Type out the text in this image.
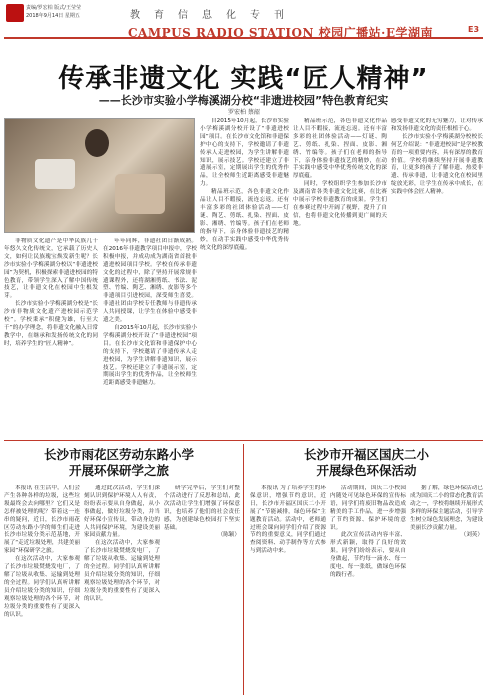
责编/罗宏柏 版式/王莹莹
2018年9月14日 星期五	教育信息化专刊
CAMPUS RADIO STATION 校园广播站·E学湖南	E3
传承非遗文化 实践“匠人精神”
——长沙市实验小学梅溪湖分校“非遗进校园”特色教育纪实
罗宏柏 蔡韶

非物质文化遗产是中华民族几千年悠久文化传统文，它承载了历史人文，如何让民族瑰宝焕发新生呢？长沙市实验小学梅溪湖分校以“非遗进校园”为契机，积极探索非遗进校园的特色教育，带领学生深入了解中国传统技艺，让非遗文化在校园中生根发芽。

长沙市实验小学梅溪湖分校是“长沙市非物质文化遗产进校园示范学校”。学校秉承“积健为雄，行至大千”的办学理念，将非遗文化融入日常教学中，在继承和发扬传统文化的同时，培养学生的“匠人精神”。

年年同辉，非遗社团日渐成熟。在2016年非遗教学项目申报中，学校积极申报，并成功成为湖南省首批非遗进校园项目学校。学校在传承非遗文化的过程中，除了坚持开展常规非遗课程外，还将湖湘剪纸、书法、泥塑、竹编、陶艺、湘绣、皮影等多个非遗项目引进校园，深受师生喜爱。非遗社团由学校专任教师与非遗传承人共同授课，让学生在体验中感受非遗之美。

自2015年10月起，长沙市实验小学梅溪湖分校开设了“非遗进校园”项目。在长沙市文化馆和非遗保护中心的支持下，学校邀请了非遗传承人走进校园，为学生讲解非遗知识，展示技艺。学校还建立了非遗展示室，定期展出学生的优秀作品，让全校师生近距离感受非遗魅力。

自2015年10月起，长沙市实验小学梅溪湖分校开设了“非遗进校园”项目。在长沙市文化馆和非遗保护中心的支持下，学校邀请了非遗传承人走进校园，为学生讲解非遗知识，展示技艺。学校还建立了非遗展示室，定期展出学生的优秀作品，让全校师生近距离感受非遗魅力。

精品班示范，各色非遗文化作品让人目不暇接，流连忘返。还有丰富多彩的社团体验活动——灯谜、陶艺、剪纸、扎染、捏面、皮影、湘绣、竹编等。孩子们在老师的指导下，亲身体验非遗技艺的精妙，在动手实践中感受中华优秀传统文化的深厚底蕴。

精品班示范，各色非遗文化作品让人目不暇接，流连忘返。还有丰富多彩的社团体验活动——灯谜、陶艺、剪纸、扎染、捏面、皮影、湘绣、竹编等。孩子们在老师的指导下，亲身体验非遗技艺的精妙，在动手实践中感受中华优秀传统文化的深厚底蕴。

同时，学校组织学生参加长沙市及湖南省各类非遗文化比赛，在比赛中展示学校非遗教育的成果。学生们在参赛过程中开阔了视野，提升了自信，也将非遗文化传播到更广阔的天地。

感受非遗文化的无穷魅力，让对传承和发扬非遗文化的责任根植于心。

长沙市实验小学梅溪湖分校校长何艺介绍说：“非遗进校园”是学校教育的一项重要内容，具有深厚的教育价值。学校将继续坚持开展非遗教育，让更多的孩子了解非遗、热爱非遗、传承非遗，让非遗文化在校园里绽放光彩，让学生在传承中成长，在实践中体会匠人精神。

长沙市雨花区劳动东路小学
开展环保研学之旅

本报讯 在生活中，人们会产生各种各样的垃圾，这些垃圾最终会去向哪里？它们又是怎样被处理的呢？带着这一连串的疑问，近日，长沙市雨花区劳动东路小学的师生们走进长沙市垃圾分类示范基地，开展了“走近垃圾处理，共建美丽家园”环保研学之旅。

在这次活动中，大家参观了长沙市垃圾焚烧发电厂，了解了垃圾从收集、运输到处理的全过程。同学们认真听讲解员介绍垃圾分类的知识，仔细观察垃圾处理的各个环节，对垃圾分类的重要性有了更深入的认识。

通过此次活动，学生们深刻认识到保护环境人人有责，纷纷表示要从自身做起，从小事做起，做好垃圾分类，并当好环保小宣传员，带动身边的人共同保护环境，为建设美丽家园贡献力量。

在这次活动中，大家参观了长沙市垃圾焚烧发电厂，了解了垃圾从收集、运输到处理的全过程。同学们认真听讲解员介绍垃圾分类的知识，仔细观察垃圾处理的各个环节，对垃圾分类的重要性有了更深入的认识。

研学完毕后，学生们对整个活动进行了反思和总结，此次活动让学生们增强了环保意识，也培养了他们的社会责任感，为创建绿色校园打下坚实基础。

（陈颖）

长沙市开福区国庆二小
开展绿色环保活动

本报讯 为了培养学生的环保意识，增强节约意识，近日，长沙市开福区国庆二小开展了“节能减排，绿色环保”主题教育活动。活动中，老师通过班会课向同学们介绍了资源节约的重要意义，同学们通过查阅资料、动手制作等方式参与到活动中来。

活动期间，国庆二小校园内随处可见绿色环保的宣传标语，同学们将废旧物品改造成精美的手工作品，进一步增强了节约资源、保护环境的意识。

此次宣传活动内容丰富、形式新颖，取得了良好的效果。同学们纷纷表示，要从自身做起，节约每一滴水、每一度电、每一张纸，做绿色环保的践行者。

据了解，绿色环保活动已成为国庆二小的常态化教育活动之一，学校将继续开展形式多样的环保主题活动，引导学生树立绿色发展理念，为建设美丽长沙贡献力量。

（刘英）
